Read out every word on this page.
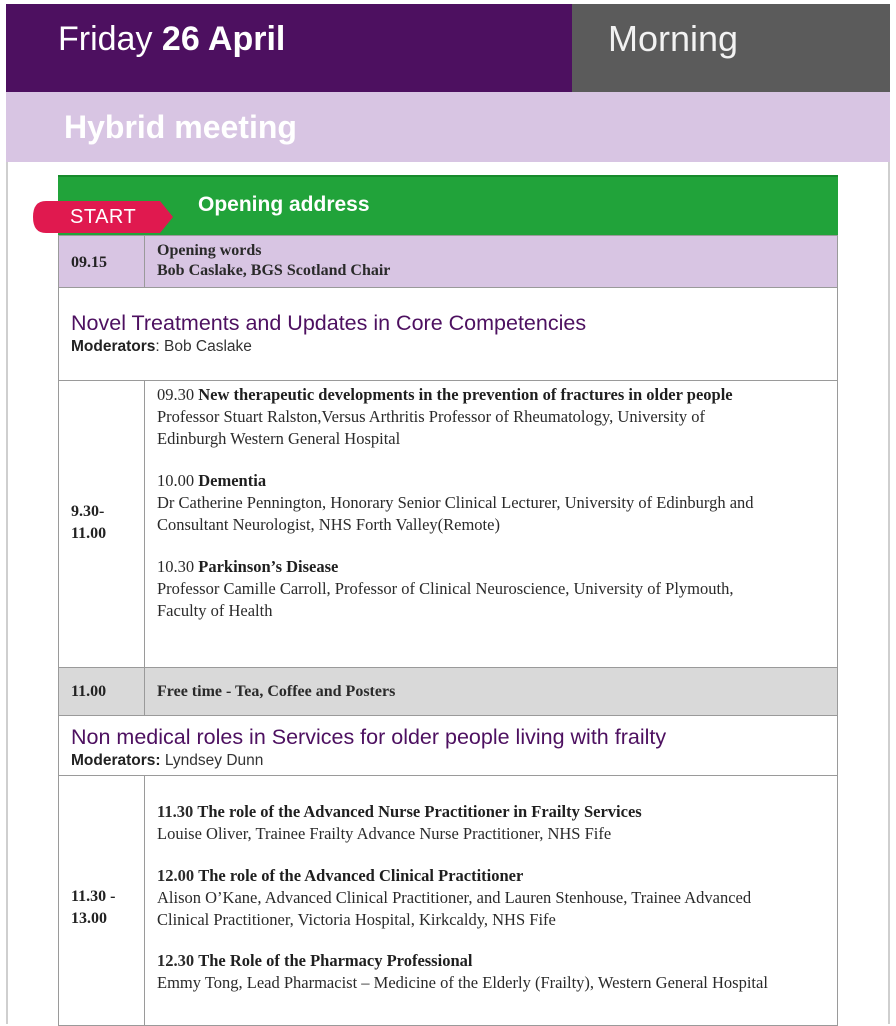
Friday 26 April	Morning
Hybrid meeting
Opening address
START
09.15
Opening words
Bob Caslake, BGS Scotland Chair
Novel Treatments and Updates in Core Competencies
Moderators: Bob Caslake
9.30-
11.00
09.30 New therapeutic developments in the prevention of fractures in older people
Professor Stuart Ralston,Versus Arthritis Professor of Rheumatology, University of
Edinburgh Western General Hospital
10.00 Dementia
Dr Catherine Pennington, Honorary Senior Clinical Lecturer, University of Edinburgh and
Consultant Neurologist, NHS Forth Valley(Remote)
10.30 Parkinson’s Disease
Professor Camille Carroll, Professor of Clinical Neuroscience, University of Plymouth,
Faculty of Health
11.00	Free time - Tea, Coffee and Posters
Non medical roles in Services for older people living with frailty
Moderators: Lyndsey Dunn
11.30 -
13.00
11.30 The role of the Advanced Nurse Practitioner in Frailty Services
Louise Oliver, Trainee Frailty Advance Nurse Practitioner, NHS Fife
12.00 The role of the Advanced Clinical Practitioner
Alison O’Kane, Advanced Clinical Practitioner, and Lauren Stenhouse, Trainee Advanced
Clinical Practitioner, Victoria Hospital, Kirkcaldy, NHS Fife
12.30 The Role of the Pharmacy Professional
Emmy Tong, Lead Pharmacist – Medicine of the Elderly (Frailty), Western General Hospital
